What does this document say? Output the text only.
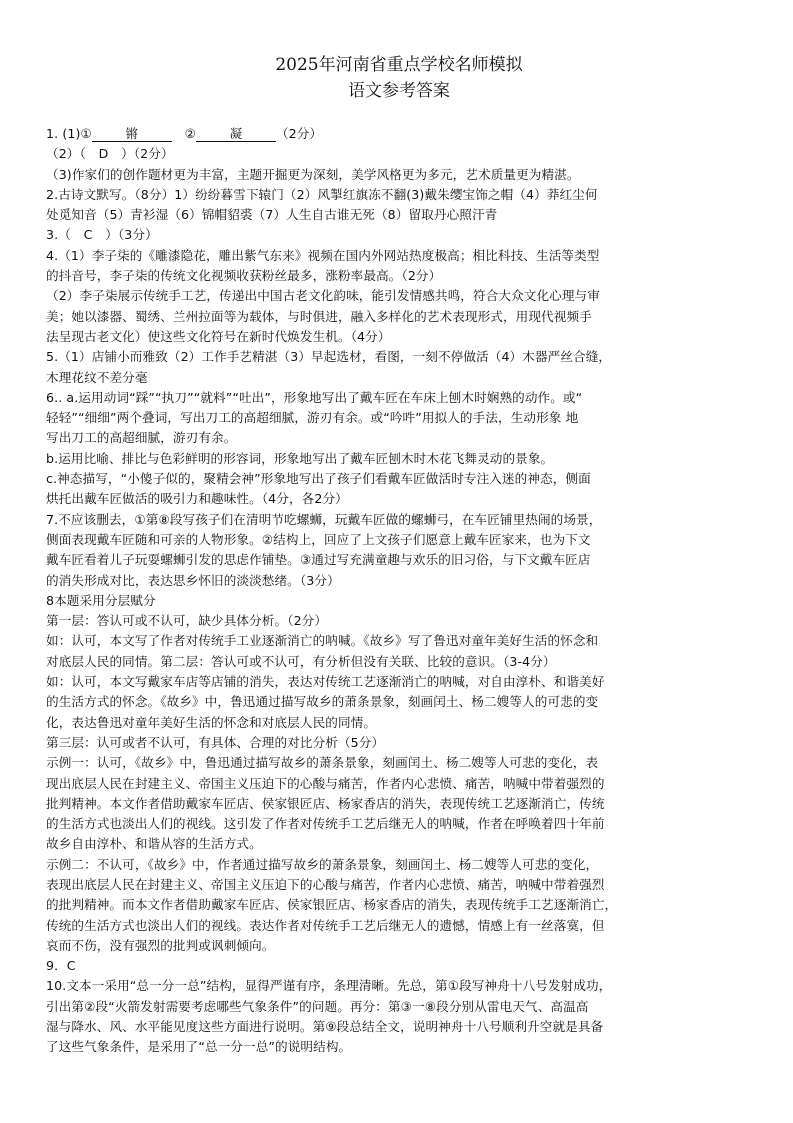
2025年河南省重点学校名师模拟
语文参考答案
1. (1)①	锵　	②	凝	（2分）
（2）（　D　）（2分）
（3)作家们的创作题材更为丰富，主题开掘更为深刻，美学风格更为多元，艺术质量更为精湛。
2.古诗文默写。（8分）1）纷纷暮雪下辕门（2）风掣红旗冻不翻(3)戴朱缨宝饰之帽（4）莽红尘何
处觅知音（5）青衫湿（6）锦帽貂裘（7）人生自古谁无死（8）留取丹心照汗青
3.（　C　）（3分）
4.（1）李子柒的《雕漆隐花，雕出紫气东来》视频在国内外网站热度极高；相比科技、生活等类型
的抖音号，李子柒的传统文化视频收获粉丝最多，涨粉率最高。（2分）
（2）李子柒展示传统手工艺，传递出中国古老文化韵味，能引发情感共鸣，符合大众文化心理与审
美；她以漆器、蜀绣、兰州拉面等为载体，与时俱进，融入多样化的艺术表现形式，用现代视频手
法呈现古老文化）使这些文化符号在新时代焕发生机。（4分）
5.（1）店铺小而雅致（2）工作手艺精湛（3）早起选材，看图，一刻不停做活（4）木器严丝合缝，
木理花纹不差分毫
6.. a.运用动词“踩”“执刀”“就料”“吐出”，形象地写出了戴车匠在车床上刨木时娴熟的动作。或“
轻轻”“细细”两个叠词，写出刀工的高超细腻，游刃有余。或“吟吽”用拟人的手法，生动形象 地
写出刀工的高超细腻，游刃有余。
b.运用比喻、排比与色彩鲜明的形容词，形象地写出了戴车匠刨木时木花飞舞灵动的景象。
c.神态描写，“小傻子似的，聚精会神”形象地写出了孩子们看戴车匠做活时专注入迷的神态，侧面
烘托出戴车匠做活的吸引力和趣味性。（4分，各2分）
7.不应该删去，①第⑧段写孩子们在清明节吃螺蛳，玩戴车匠做的螺蛳弓，在车匠铺里热闹的场景，
侧面表现戴车匠随和可亲的人物形象。②结构上，回应了上文孩子们愿意上戴车匠家来，也为下文
戴车匠看着儿子玩耍螺蛳引发的思虑作铺垫。③通过写充满童趣与欢乐的旧习俗，与下文戴车匠店
的消失形成对比，表达思乡怀旧的淡淡愁绪。（3分）
8本题采用分层赋分
第一层：答认可或不认可，缺少具体分析。（2分）
如：认可，本文写了作者对传统手工业逐渐消亡的呐喊。《故乡》写了鲁迅对童年美好生活的怀念和
对底层人民的同情。第二层：答认可或不认可，有分析但没有关联、比较的意识。（3-4分）
如：认可，本文写戴家车店等店铺的消失，表达对传统工艺逐渐消亡的呐喊，对自由淳朴、和谐美好
的生活方式的怀念。《故乡》中，鲁迅通过描写故乡的萧条景象，刻画闰土、杨二嫂等人的可悲的变
化，表达鲁迅对童年美好生活的怀念和对底层人民的同情。
第三层：认可或者不认可，有具体、合理的对比分析（5分）
示例一：认可，《故乡》中，鲁迅通过描写故乡的萧条景象，刻画闰土、杨二嫂等人可悲的变化，表
现出底层人民在封建主义、帝国主义压迫下的心酸与痛苦，作者内心悲愤、痛苦，呐喊中带着强烈的
批判精神。本文作者借助戴家车匠店、侯家银匠店、杨家香店的消失，表现传统工艺逐渐消亡，传统
的生活方式也淡出人们的视线。这引发了作者对传统手工艺后继无人的呐喊，作者在呼唤着四十年前
故乡自由淳朴、和谐从容的生活方式。
示例二：不认可，《故乡》中，作者通过描写故乡的萧条景象，刻画闰土、杨二嫂等人可悲的变化，
表现出底层人民在封建主义、帝国主义压迫下的心酸与痛苦，作者内心悲愤、痛苦，呐喊中带着强烈
的批判精神。而本文作者借助戴家车匠店、侯家银匠店、杨家香店的消失，表现传统手工艺逐渐消亡，
传统的生活方式也淡出人们的视线。表达作者对传统手工艺后继无人的遗憾，情感上有一丝落寞，但
哀而不伤，没有强烈的批判或讽刺倾向。
9．C
10.文本一采用“总一分一总”结构，显得严谨有序，条理清晰。先总，第①段写神舟十八号发射成功，
引出第②段“火箭发射需要考虑哪些气象条件”的问题。再分：第③一⑧段分别从雷电天气、高温高
湿与降水、风、水平能见度这些方面进行说明。第⑨段总结全文，说明神舟十八号顺利升空就是具备
了这些气象条件，是采用了“总一分一总”的说明结构。
